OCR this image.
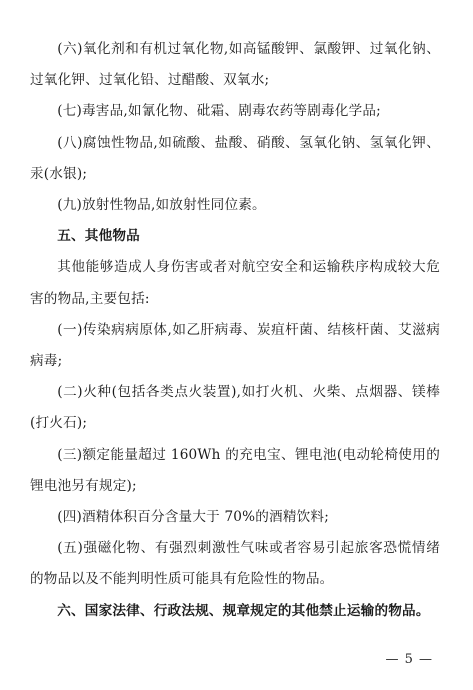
(六)氧化剂和有机过氧化物,如高锰酸钾、氯酸钾、过氧化钠、过氧化钾、过氧化铅、过醋酸、双氧水;

(七)毒害品,如氰化物、砒霜、剧毒农药等剧毒化学品;

(八)腐蚀性物品,如硫酸、盐酸、硝酸、氢氧化钠、氢氧化钾、汞(水银);

(九)放射性物品,如放射性同位素。

五、其他物品

其他能够造成人身伤害或者对航空安全和运输秩序构成较大危害的物品,主要包括:

(一)传染病病原体,如乙肝病毒、炭疽杆菌、结核杆菌、艾滋病病毒;

(二)火种(包括各类点火装置),如打火机、火柴、点烟器、镁棒(打火石);

(三)额定能量超过 160Wh 的充电宝、锂电池(电动轮椅使用的锂电池另有规定);

(四)酒精体积百分含量大于 70%的酒精饮料;

(五)强磁化物、有强烈刺激性气味或者容易引起旅客恐慌情绪的物品以及不能判明性质可能具有危险性的物品。

六、国家法律、行政法规、规章规定的其他禁止运输的物品。

— 5 —
